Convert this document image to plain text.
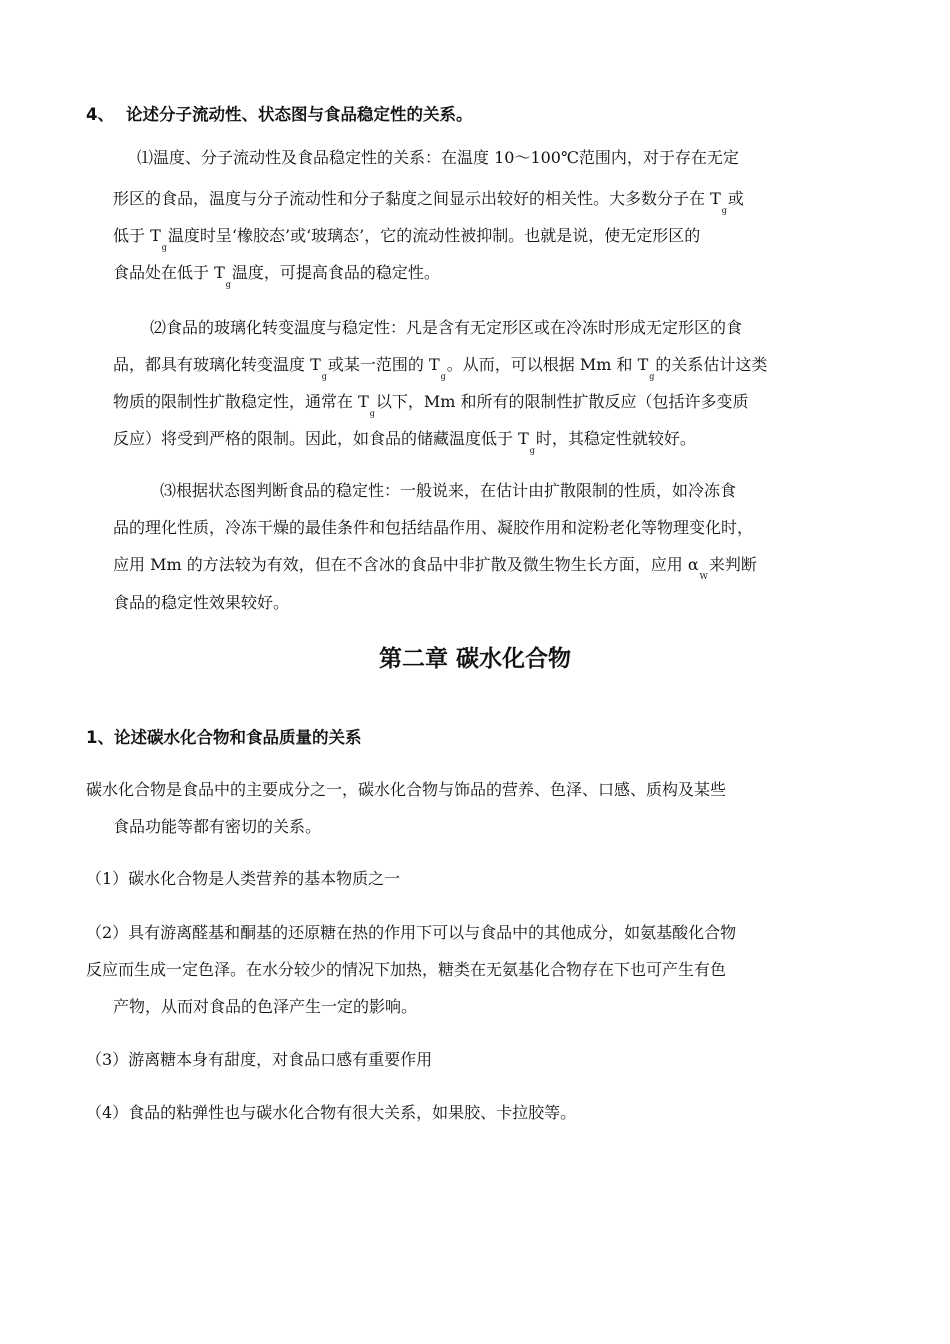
4、 论述分子流动性、状态图与食品稳定性的关系。
⑴温度、分子流动性及食品稳定性的关系：在温度 10～100℃范围内，对于存在无定
形区的食品，温度与分子流动性和分子黏度之间显示出较好的相关性。大多数分子在 $T_g$或
低于 $T_g$温度时呈‘橡胶态’或‘玻璃态’，它的流动性被抑制。也就是说，使无定形区的
食品处在低于 $T_g$温度，可提高食品的稳定性。
⑵食品的玻璃化转变温度与稳定性：凡是含有无定形区或在冷冻时形成无定形区的食
品，都具有玻璃化转变温度 $T_g$或某一范围的 $T_g$。从而，可以根据 Mm 和 $T_g$的关系估计这类
物质的限制性扩散稳定性，通常在 $T_g$以下，Mm 和所有的限制性扩散反应（包括许多变质
反应）将受到严格的限制。因此，如食品的储藏温度低于 $T_g$时，其稳定性就较好。
⑶根据状态图判断食品的稳定性：一般说来，在估计由扩散限制的性质，如冷冻食
品的理化性质，冷冻干燥的最佳条件和包括结晶作用、凝胶作用和淀粉老化等物理变化时，
应用 Mm 的方法较为有效，但在不含冰的食品中非扩散及微生物生长方面，应用 $\alpha_W$来判断
食品的稳定性效果较好。
第二章 碳水化合物
1、论述碳水化合物和食品质量的关系
碳水化合物是食品中的主要成分之一，碳水化合物与饰品的营养、色泽、口感、质构及某些
食品功能等都有密切的关系。
（1）碳水化合物是人类营养的基本物质之一
（2）具有游离醛基和酮基的还原糖在热的作用下可以与食品中的其他成分，如氨基酸化合物
反应而生成一定色泽。在水分较少的情况下加热，糖类在无氨基化合物存在下也可产生有色
产物，从而对食品的色泽产生一定的影响。
（3）游离糖本身有甜度，对食品口感有重要作用
（4）食品的粘弹性也与碳水化合物有很大关系，如果胶、卡拉胶等。
